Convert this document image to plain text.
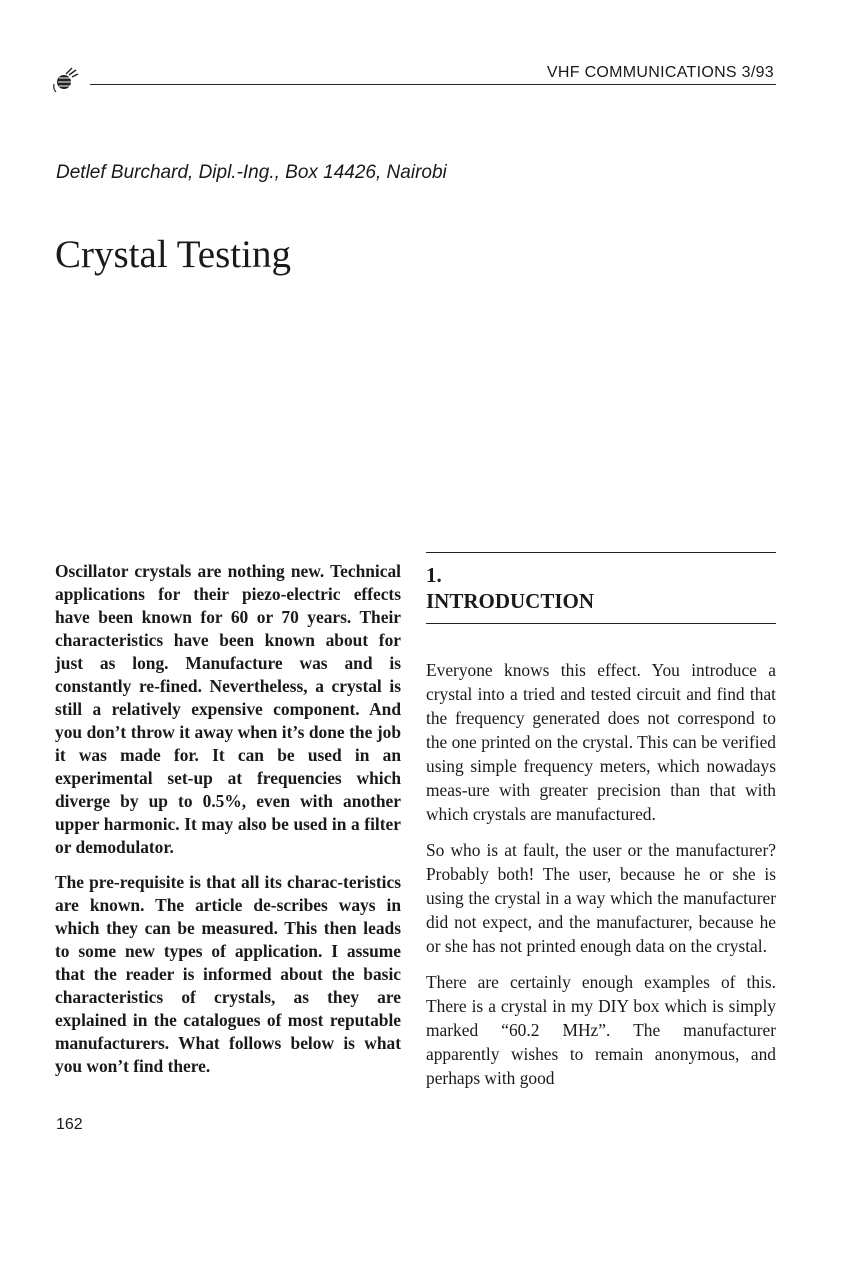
VHF COMMUNICATIONS 3/93
Detlef Burchard, Dipl.-Ing., Box 14426, Nairobi
Crystal Testing

Oscillator crystals are nothing new. Technical applications for their piezo-electric effects have been known for 60 or 70 years. Their characteristics have been known about for just as long. Manufacture was and is constantly re-fined. Nevertheless, a crystal is still a relatively expensive component. And you don’t throw it away when it’s done the job it was made for. It can be used in an experimental set-up at frequencies which diverge by up to 0.5%, even with another upper harmonic. It may also be used in a filter or demodulator.

The pre-requisite is that all its charac-teristics are known. The article de-scribes ways in which they can be measured. This then leads to some new types of application. I assume that the reader is informed about the basic characteristics of crystals, as they are explained in the catalogues of most reputable manufacturers. What follows below is what you won’t find there.

1.
INTRODUCTION

Everyone knows this effect. You introduce a crystal into a tried and tested circuit and find that the frequency generated does not correspond to the one printed on the crystal. This can be verified using simple frequency meters, which nowadays meas-ure with greater precision than that with which crystals are manufactured.

So who is at fault, the user or the manufacturer? Probably both! The user, because he or she is using the crystal in a way which the manufacturer did not expect, and the manufacturer, because he or she has not printed enough data on the crystal.

There are certainly enough examples of this. There is a crystal in my DIY box which is simply marked “60.2 MHz”. The manufacturer apparently wishes to remain anonymous, and perhaps with good

162
